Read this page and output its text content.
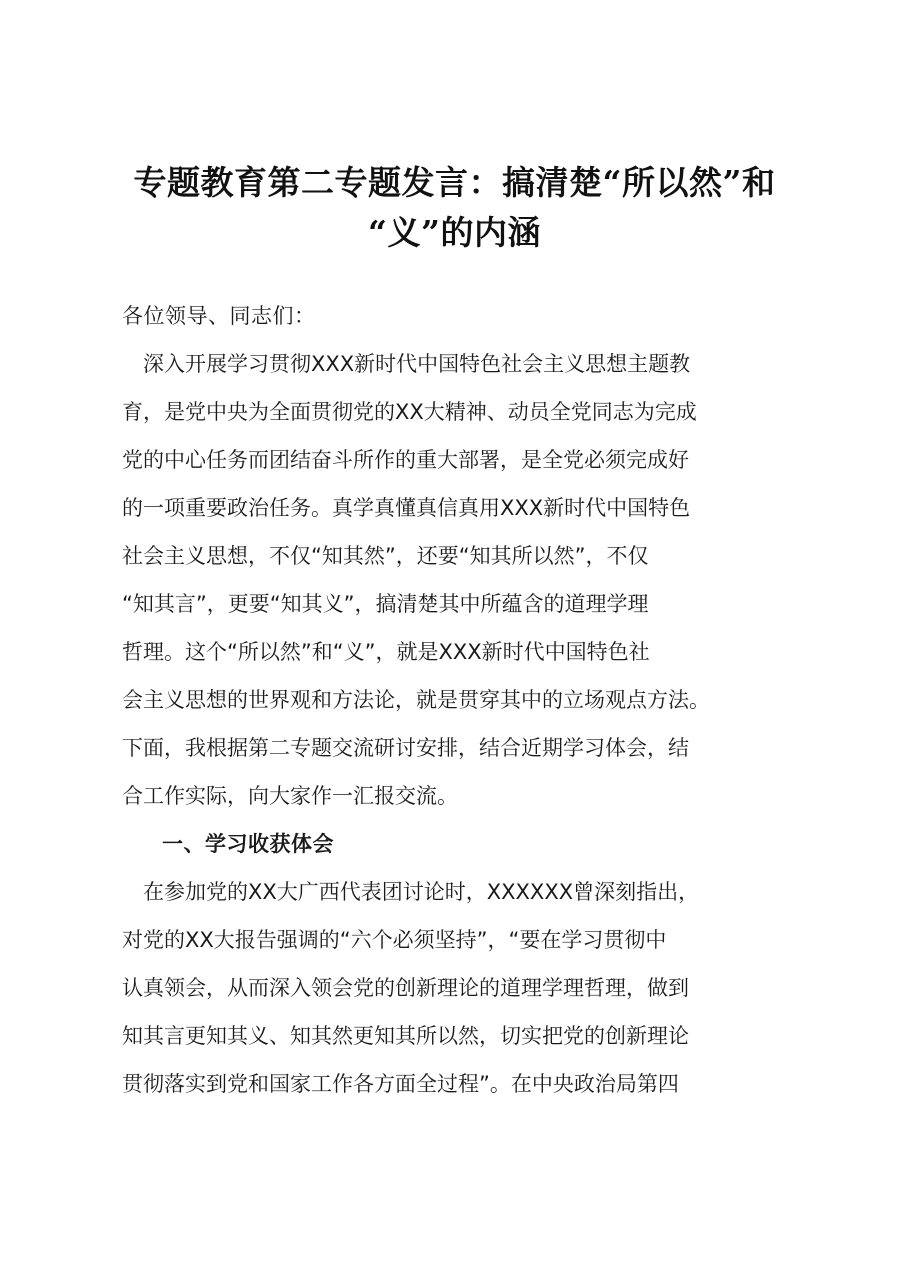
专题教育第二专题发言：搞清楚“所以然”和
“义”的内涵
各位领导、同志们：
　深入开展学习贯彻XXX新时代中国特色社会主义思想主题教
育，是党中央为全面贯彻党的XX大精神、动员全党同志为完成
党的中心任务而团结奋斗所作的重大部署，是全党必须完成好
的一项重要政治任务。真学真懂真信真用XXX新时代中国特色
社会主义思想，不仅“知其然”，还要“知其所以然”，不仅
“知其言”，更要“知其义”，搞清楚其中所蕴含的道理学理
哲理。这个“所以然”和“义”，就是XXX新时代中国特色社
会主义思想的世界观和方法论，就是贯穿其中的立场观点方法。
下面，我根据第二专题交流研讨安排，结合近期学习体会，结
合工作实际，向大家作一汇报交流。
一、学习收获体会
　在参加党的XX大广西代表团讨论时，XXXXXX曾深刻指出，
对党的XX大报告强调的“六个必须坚持”，“要在学习贯彻中
认真领会，从而深入领会党的创新理论的道理学理哲理，做到
知其言更知其义、知其然更知其所以然，切实把党的创新理论
贯彻落实到党和国家工作各方面全过程”。在中央政治局第四
